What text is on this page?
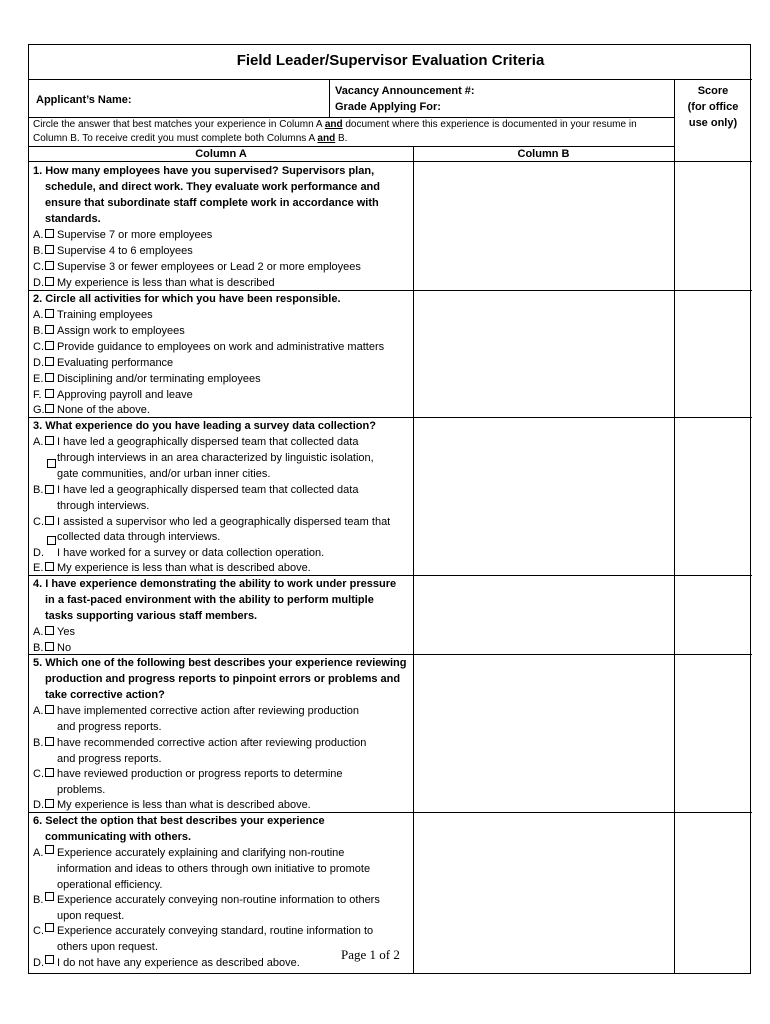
Field Leader/Supervisor Evaluation Criteria
Applicant’s Name:
Vacancy Announcement #:
Grade Applying For:
Score
(for office
use only)
Circle the answer that best matches your experience in Column A and document where this experience is documented in your resume in
Column B. To receive credit you must complete both Columns A and B.
Column A	Column B
1. How many employees have you supervised? Supervisors plan,
schedule, and direct work. They evaluate work performance and
ensure that subordinate staff complete work in accordance with
standards.
A. Supervise 7 or more employees
B. Supervise 4 to 6 employees
C. Supervise 3 or fewer employees or Lead 2 or more employees
D. My experience is less than what is described
2. Circle all activities for which you have been responsible.
A. Training employees
B. Assign work to employees
C. Provide guidance to employees on work and administrative matters
D. Evaluating performance
E. Disciplining and/or terminating employees
F. Approving payroll and leave
G. None of the above.
3. What experience do you have leading a survey data collection?
A. I have led a geographically dispersed team that collected data
through interviews in an area characterized by linguistic isolation,
gate communities, and/or urban inner cities.
B. I have led a geographically dispersed team that collected data
through interviews.
C. I assisted a supervisor who led a geographically dispersed team that
collected data through interviews.
D. I have worked for a survey or data collection operation.
E. My experience is less than what is described above.
4. I have experience demonstrating the ability to work under pressure
in a fast-paced environment with the ability to perform multiple
tasks supporting various staff members.
A. Yes
B. No
5. Which one of the following best describes your experience reviewing
production and progress reports to pinpoint errors or problems and
take corrective action?
A. have implemented corrective action after reviewing production
and progress reports.
B. have recommended corrective action after reviewing production
and progress reports.
C. have reviewed production or progress reports to determine
problems.
D. My experience is less than what is described above.
6. Select the option that best describes your experience
communicating with others.
A. Experience accurately explaining and clarifying non-routine
information and ideas to others through own initiative to promote
operational efficiency.
B. Experience accurately conveying non-routine information to others
upon request.
C. Experience accurately conveying standard, routine information to
others upon request.
D. I do not have any experience as described above.
Page 1 of 2
